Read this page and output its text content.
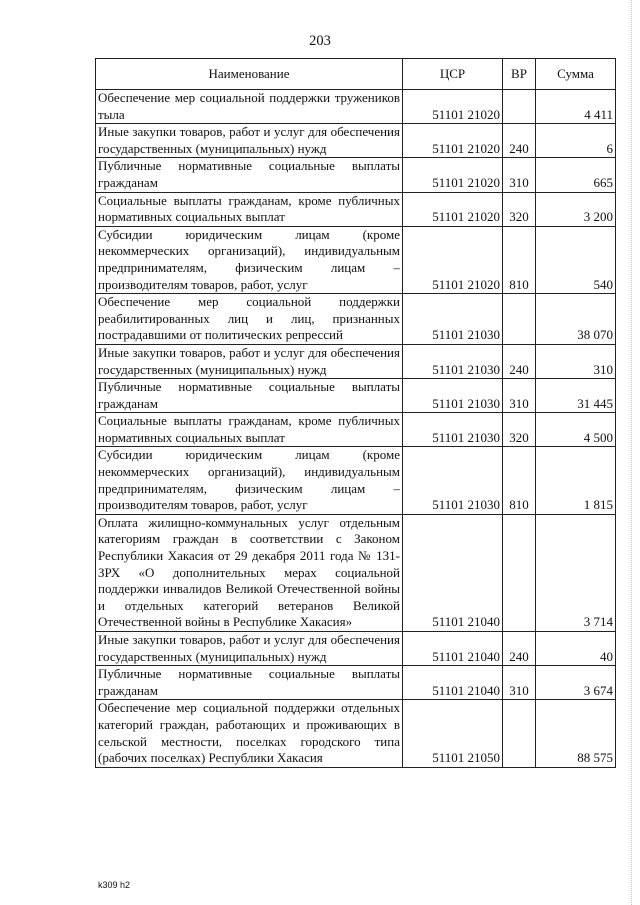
203
Наименование	ЦСР	ВР	Сумма
Обеспечение мер социальной поддержки тружеников тыла	51101 21020		4 411
Иные закупки товаров, работ и услуг для обеспечения государственных (муниципальных) нужд	51101 21020	240	6
Публичные нормативные социальные выплаты гражданам	51101 21020	310	665
Социальные выплаты гражданам, кроме публичных нормативных социальных выплат	51101 21020	320	3 200
Субсидии юридическим лицам (кроме некоммерческих организаций), индивидуальным предпринимателям, физическим лицам – производителям товаров, работ, услуг	51101 21020	810	540
Обеспечение мер социальной поддержки реабилитированных лиц и лиц, признанных пострадавшими от политических репрессий	51101 21030		38 070
Иные закупки товаров, работ и услуг для обеспечения государственных (муниципальных) нужд	51101 21030	240	310
Публичные нормативные социальные выплаты гражданам	51101 21030	310	31 445
Социальные выплаты гражданам, кроме публичных нормативных социальных выплат	51101 21030	320	4 500
Субсидии юридическим лицам (кроме некоммерческих организаций), индивидуальным предпринимателям, физическим лицам – производителям товаров, работ, услуг	51101 21030	810	1 815
Оплата жилищно-коммунальных услуг отдельным категориям граждан в соответствии с Законом Республики Хакасия от 29 декабря 2011 года № 131-ЗРХ «О дополнительных мерах социальной поддержки инвалидов Великой Отечественной войны и отдельных категорий ветеранов Великой Отечественной войны в Республике Хакасия»	51101 21040		3 714
Иные закупки товаров, работ и услуг для обеспечения государственных (муниципальных) нужд	51101 21040	240	40
Публичные нормативные социальные выплаты гражданам	51101 21040	310	3 674
Обеспечение мер социальной поддержки отдельных категорий граждан, работающих и проживающих в сельской местности, поселках городского типа (рабочих поселках) Республики Хакасия	51101 21050		88 575
k309 h2
